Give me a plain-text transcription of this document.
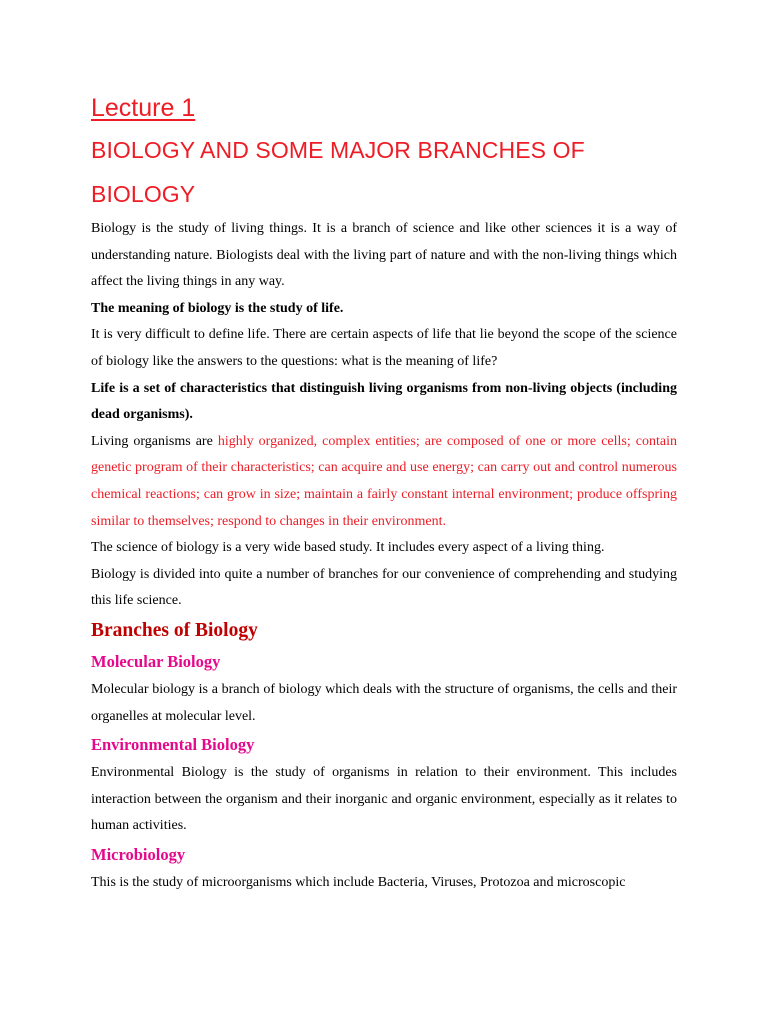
Lecture 1
BIOLOGY AND SOME MAJOR BRANCHES OF
BIOLOGY

Biology is the study of living things. It is a branch of science and like other sciences it is a way of understanding nature. Biologists deal with the living part of nature and with the non-living things which affect the living things in any way.

The meaning of biology is the study of life.

It is very difficult to define life. There are certain aspects of life that lie beyond the scope of the science of biology like the answers to the questions: what is the meaning of life?

Life is a set of characteristics that distinguish living organisms from non-living objects (including dead organisms).

Living organisms are highly organized, complex entities; are composed of one or more cells; contain genetic program of their characteristics; can acquire and use energy; can carry out and control numerous chemical reactions; can grow in size; maintain a fairly constant internal environment; produce offspring similar to themselves; respond to changes in their environment.

The science of biology is a very wide based study. It includes every aspect of a living thing.

Biology is divided into quite a number of branches for our convenience of comprehending and studying this life science.

Branches of Biology
Molecular Biology

Molecular biology is a branch of biology which deals with the structure of organisms, the cells and their organelles at molecular level.

Environmental Biology

Environmental Biology is the study of organisms in relation to their environment. This includes interaction between the organism and their inorganic and organic environment, especially as it relates to human activities.

Microbiology

This is the study of microorganisms which include Bacteria, Viruses, Protozoa and microscopic
